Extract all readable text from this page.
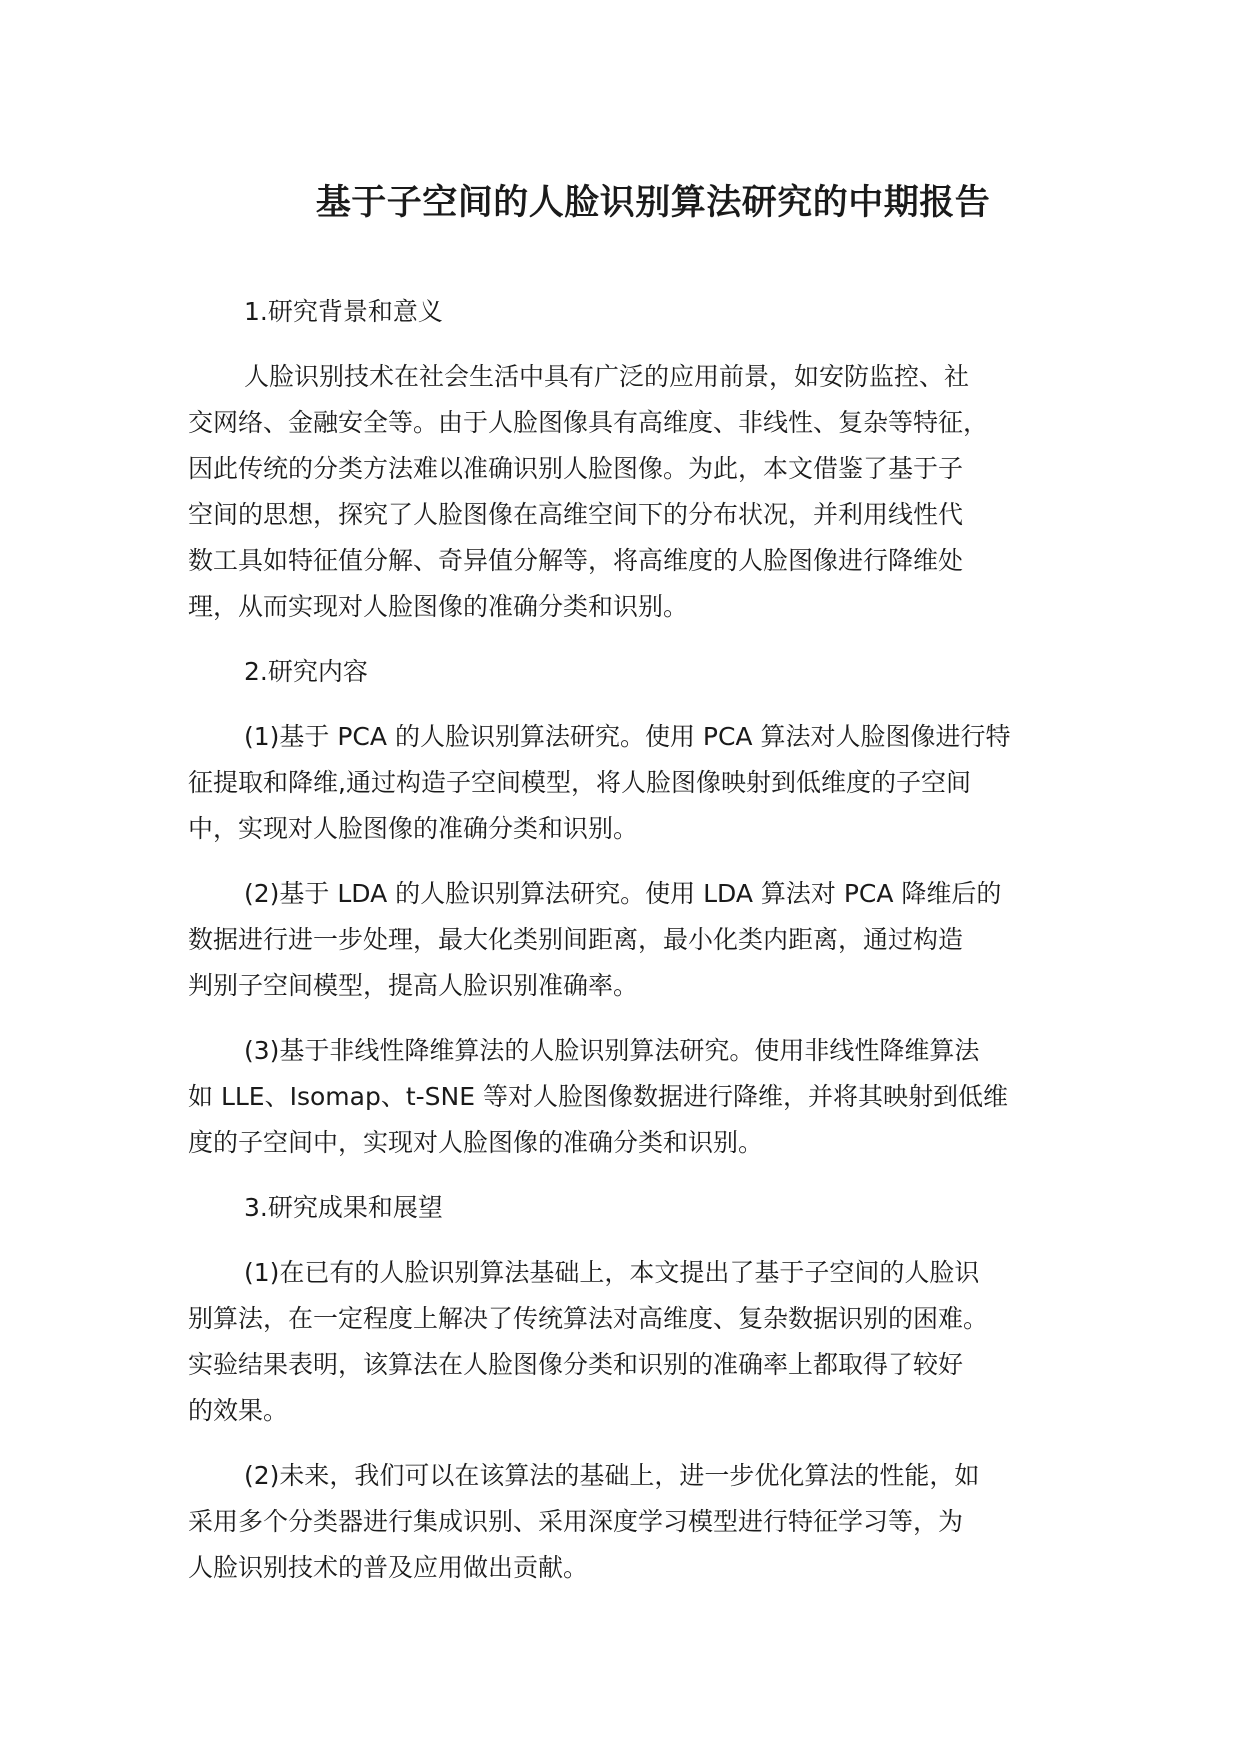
基于子空间的人脸识别算法研究的中期报告
1.研究背景和意义

人脸识别技术在社会生活中具有广泛的应用前景，如安防监控、社
交网络、金融安全等。由于人脸图像具有高维度、非线性、复杂等特征，
因此传统的分类方法难以准确识别人脸图像。为此，本文借鉴了基于子
空间的思想，探究了人脸图像在高维空间下的分布状况，并利用线性代
数工具如特征值分解、奇异值分解等，将高维度的人脸图像进行降维处
理，从而实现对人脸图像的准确分类和识别。

2.研究内容

(1)基于 PCA 的人脸识别算法研究。使用 PCA 算法对人脸图像进行特
征提取和降维,通过构造子空间模型，将人脸图像映射到低维度的子空间
中，实现对人脸图像的准确分类和识别。

(2)基于 LDA 的人脸识别算法研究。使用 LDA 算法对 PCA 降维后的
数据进行进一步处理，最大化类别间距离，最小化类内距离，通过构造
判别子空间模型，提高人脸识别准确率。

(3)基于非线性降维算法的人脸识别算法研究。使用非线性降维算法
如 LLE、Isomap、t-SNE 等对人脸图像数据进行降维，并将其映射到低维
度的子空间中，实现对人脸图像的准确分类和识别。

3.研究成果和展望

(1)在已有的人脸识别算法基础上，本文提出了基于子空间的人脸识
别算法，在一定程度上解决了传统算法对高维度、复杂数据识别的困难。
实验结果表明，该算法在人脸图像分类和识别的准确率上都取得了较好
的效果。

(2)未来，我们可以在该算法的基础上，进一步优化算法的性能，如
采用多个分类器进行集成识别、采用深度学习模型进行特征学习等，为
人脸识别技术的普及应用做出贡献。
